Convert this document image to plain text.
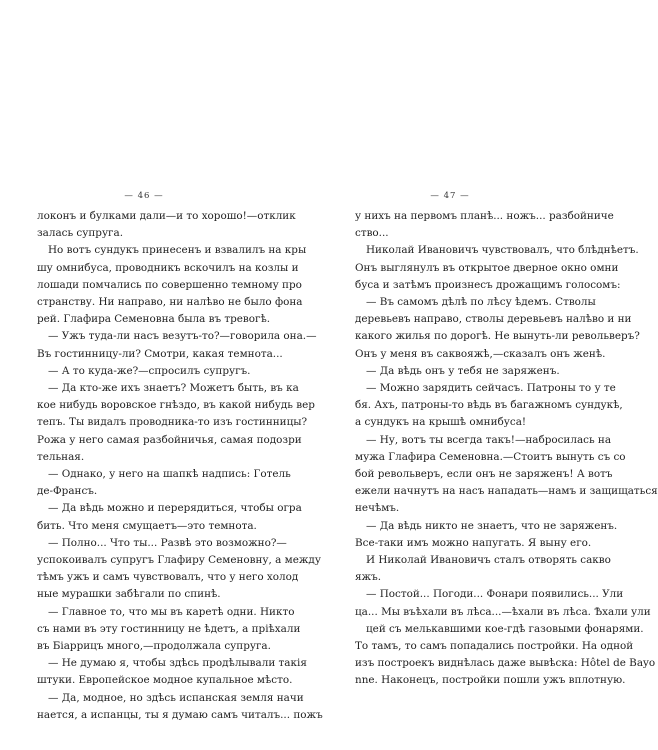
— 46 —
локонъ и булками дали—и то хорошо!—отклик
залась супруга.
Но вотъ сундукъ принесенъ и взвалилъ на кры
шу омнибуса, проводникъ вскочилъ на козлы и
лошади помчались по совершенно темному про
странству. Ни направо, ни налѣво не было фона
рей. Глафира Семеновна была въ тревогѣ.
— Ужъ туда-ли насъ везутъ-то?—говорила она.—
Въ гостинницу-ли? Смотри, какая темнота...
— А то куда-же?—спросилъ супругъ.
— Да кто-же ихъ знаетъ? Можетъ быть, въ ка
кое нибудь воровское гнѣздо, въ какой нибудь вер
тепъ. Ты видалъ проводника-то изъ гостинницы?
Рожа у него самая разбойничья, самая подозри
тельная.
— Однако, у него на шапкѣ надпись: Готель
де-Франсъ.
— Да вѣдь можно и перерядиться, чтобы огра
бить. Что меня смущаетъ—это темнота.
— Полно... Что ты... Развѣ это возможно?—
успокоивалъ супругъ Глафиру Семеновну, а между
тѣмъ ужъ и самъ чувствовалъ, что у него холод
ные мурашки забѣгали по спинѣ.
— Главное то, что мы въ каретѣ одни. Никто
съ нами въ эту гостинницу не ѣдетъ, а пріѣхали
въ Біаррицъ много,—продолжала супруга.
— Не думаю я, чтобы здѣсь продѣлывали такія
штуки. Европейское модное купальное мѣсто.
— Да, модное, но здѣсь испанская земля начи
нается, а испанцы, ты я думаю самъ читалъ... пожъ
— 47 —
у нихъ на первомъ планѣ... ножъ... разбойниче
ство...
Николай Ивановичъ чувствовалъ, что блѣднѣетъ.
Онъ выглянулъ въ открытое дверное окно омни
буса и затѣмъ произнесъ дрожащимъ голосомъ:
— Въ самомъ дѣлѣ по лѣсу ѣдемъ. Стволы
деревьевъ направо, стволы деревьевъ налѣво и ни
какого жилья по дорогѣ. Не вынуть-ли револьверъ?
Онъ у меня въ саквояжѣ,—сказалъ онъ женѣ.
— Да вѣдь онъ у тебя не заряженъ.
— Можно зарядить сейчасъ. Патроны то у те
бя. Ахъ, патроны-то вѣдь въ багажномъ сундукѣ,
а сундукъ на крышѣ омнибуса!
— Ну, вотъ ты всегда такъ!—набросилась на
мужа Глафира Семеновна.—Стоитъ вынуть съ со
бой револьверъ, если онъ не заряженъ! А вотъ
ежели начнутъ на насъ нападать—намъ и защищаться
нечѣмъ.
— Да вѣдь никто не знаетъ, что не заряженъ.
Все-таки имъ можно напугать. Я выну его.
И Николай Ивановичъ сталъ отворять сакво
яжъ.
— Постой... Погоди... Фонари появились... Ули
ца... Мы въѣхали въ лѣса...—ѣхали въ лѣса. Ѣхали ули
цей съ мелькавшими кое-гдѣ газовыми фонарями.
То тамъ, то самъ попадались постройки. На одной
изъ построекъ виднѣлась даже вывѣска: Hôtel de Bayo
nne. Наконецъ, постройки пошли ужъ вплотную.
